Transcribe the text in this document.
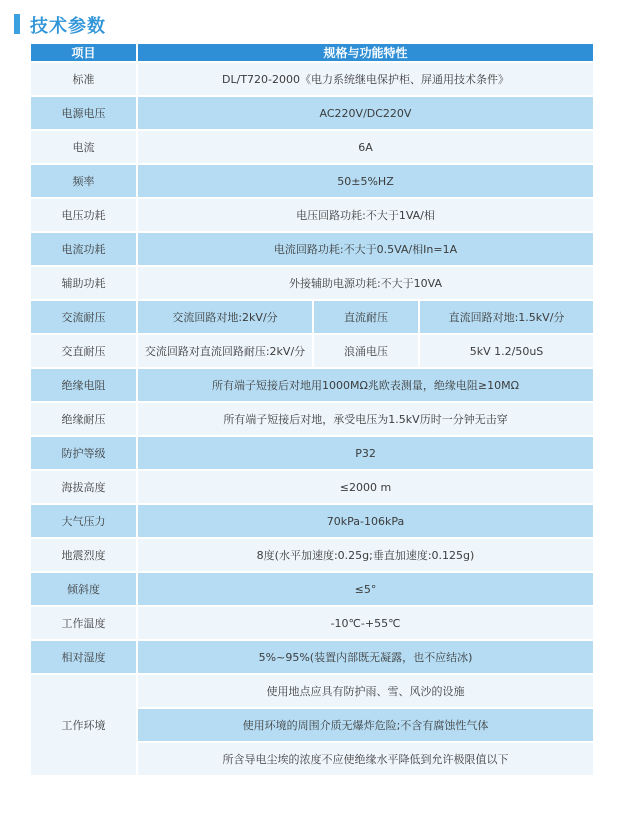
技术参数
项目	规格与功能特性		
标准	DL/T720-2000《电力系统继电保护柜、屏通用技术条件》		
电源电压	AC220V/DC220V		
电流	6A		
频率	50±5%HZ		
电压功耗	电压回路功耗:不大于1VA/相		
电流功耗	电流回路功耗:不大于0.5VA/相In=1A		
辅助功耗	外接辅助电源功耗:不大于10VA		
交流耐压	交流回路对地:2kV/分	直流耐压	直流回路对地:1.5kV/分
交直耐压	交流回路对直流回路耐压:2kV/分	浪涌电压	5kV 1.2/50uS
绝缘电阻	所有端子短接后对地用1000MΩ兆欧表测量，绝缘电阻≥10MΩ		
绝缘耐压	所有端子短接后对地，承受电压为1.5kV历时一分钟无击穿		
防护等级	P32		
海拔高度	≤2000 m		
大气压力	70kPa-106kPa		
地震烈度	8度(水平加速度:0.25g;垂直加速度:0.125g)		
倾斜度	≤5°		
工作温度	-10℃-+55℃		
相对湿度	5%~95%(装置内部既无凝露，也不应结冰)		
工作环境	使用地点应具有防护雨、雪、风沙的设施		
	使用环境的周围介质无爆炸危险;不含有腐蚀性气体		
	所含导电尘埃的浓度不应使绝缘水平降低到允许极限值以下		
